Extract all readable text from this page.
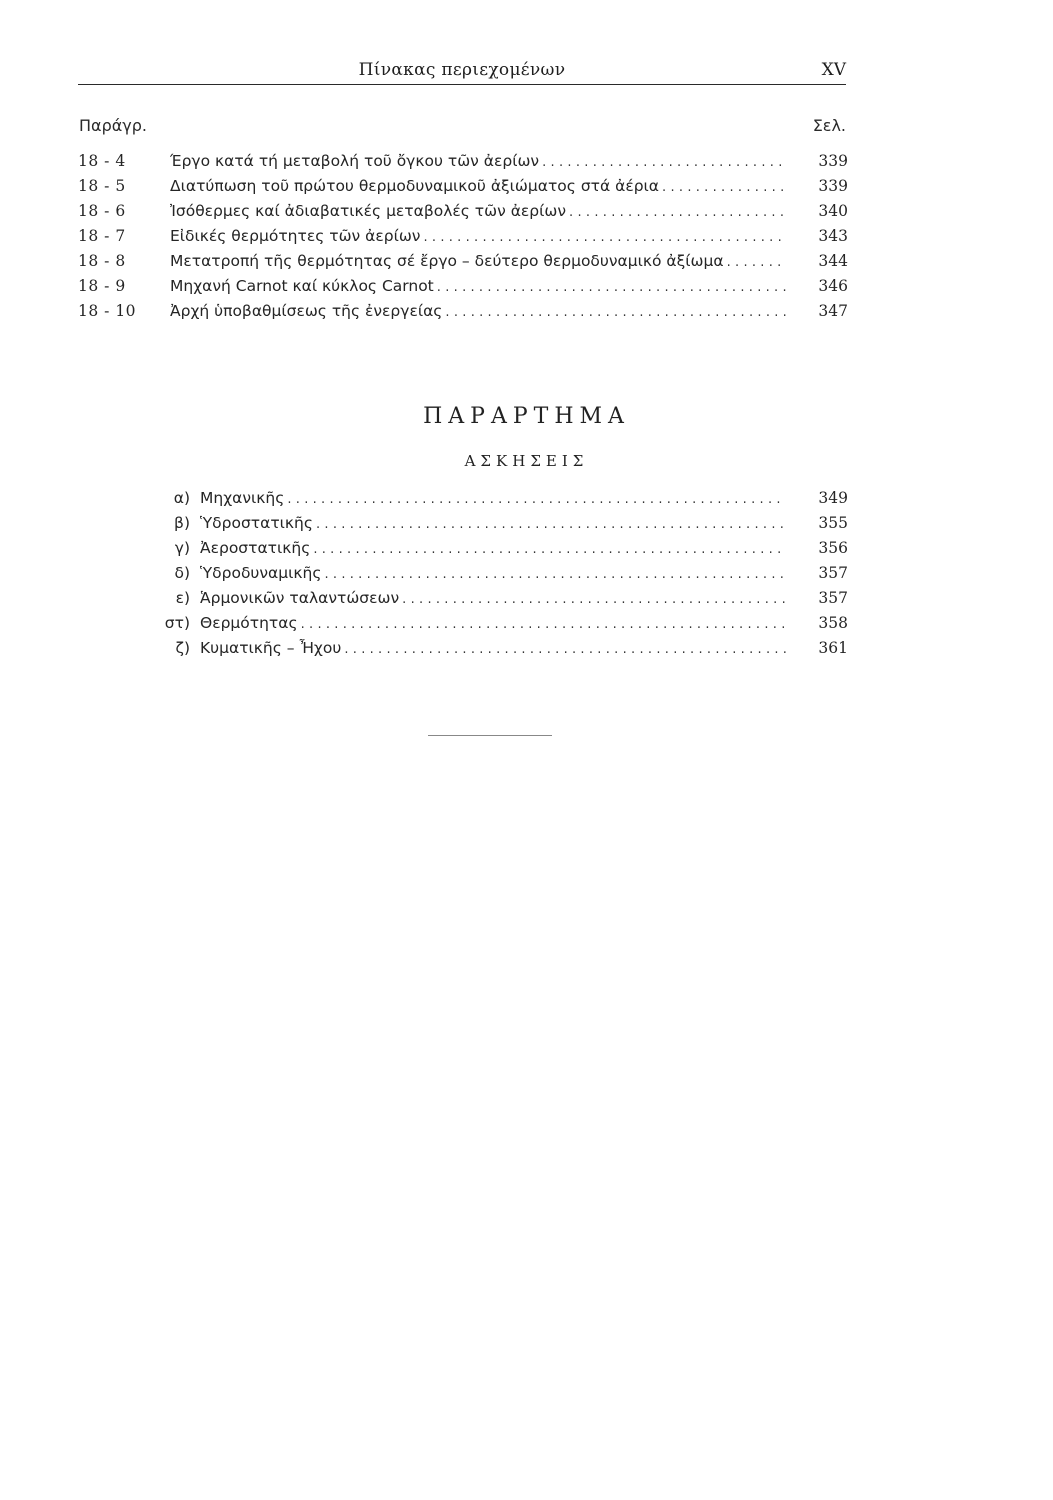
Πίνακας περιεχομένων	XV
Παράγρ.	Σελ.
18 - 4	Έργο κατά τή μεταβολή τοῦ ὄγκου τῶν ἀερίων .....	339
18 - 5	Διατύπωση τοῦ πρώτου θερμοδυναμικοῦ ἀξιώματος στά ἀέρια .....	339
18 - 6	Ἰσόθερμες καί ἀδιαβατικές μεταβολές τῶν ἀερίων .....	340
18 - 7	Εἰδικές θερμότητες τῶν ἀερίων .....	343
18 - 8	Μετατροπή τῆς θερμότητας σέ ἔργο – δεύτερο θερμοδυναμικό ἀξίωμα .....	344
18 - 9	Μηχανή Carnot καί κύκλος Carnot .....	346
18 - 10 Ἀρχή ὑποβαθμίσεως τῆς ἐνεργείας .....	347
ΠΑΡΑΡΤΗΜΑ
ΑΣΚΗΣΕΙΣ
α) Μηχανικῆς .....	349
β) Ὑδροστατικῆς .....	355
γ) Ἀεροστατικῆς .....	356
δ) Ὑδροδυναμικῆς .....	357
ε) Ἁρμονικῶν ταλαντώσεων .....	357
στ) Θερμότητας .....	358
ζ) Κυματικῆς – Ἦχου .....	361
